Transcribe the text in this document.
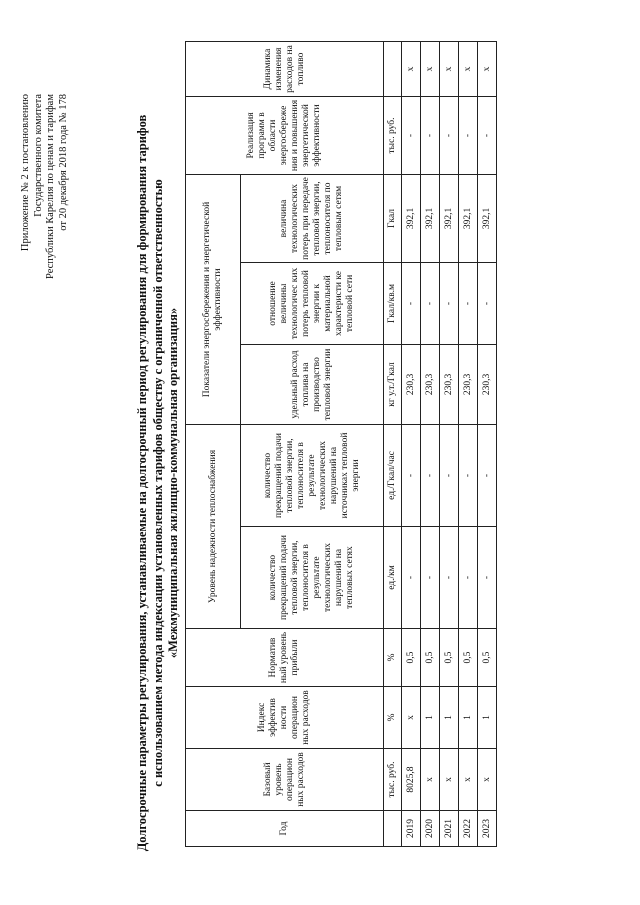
Приложение № 2 к постановлению Государственного комитета Республики Карелия по ценам и тарифам от 20 декабря 2018 года № 178	Долгосрочные параметры регулирования, устанавливаемые на долгосрочный период регулирования для формирования тарифов с использованием метода индексации установленных тарифов обществу с ограниченной ответственностью «Межмуниципальная жилищно-коммунальная организация»
Год	Базовый уровень операцион ных расходов	Индекс эффектив ности операцион ных расходов	Норматив ный уровень прибыли	Уровень надежности теплоснабжения		Показатели энергосбережения и энергетической эффективности			Реализация программ в области энергосбереже ния и повышения энергетической эффективности	Динамика изменения расходов на топливо
				количество прекращений подачи тепловой энергии, теплоносителя в результате технологических нарушений на тепловых сетях	количество прекращений подачи тепловой энергии, теплоносителя в результате технологических нарушений на источниках тепловой энергии	удельный расход топлива на производство тепловой энергии	отношение величины технологичес ких потерь тепловой энергии к материальной характеристи ке тепловой сети	величина технологических потерь при передаче тепловой энергии, теплоносителя по тепловым сетям		
	тыс. руб.	%	%	ед./км	ед./Гкал/час	кг у.т./Гкал	Гкал/кв.м	Гкал	тыс. руб.	
2019	8025,8	х	0,5	-	-	230,3	-	392,1	-	х
2020	х	1	0,5	-	-	230,3	-	392,1	-	х
2021	х	1	0,5	-	-	230,3	-	392,1	-	х
2022	х	1	0,5	-	-	230,3	-	392,1	-	х
2023	х	1	0,5	-	-	230,3	-	392,1	-	х
